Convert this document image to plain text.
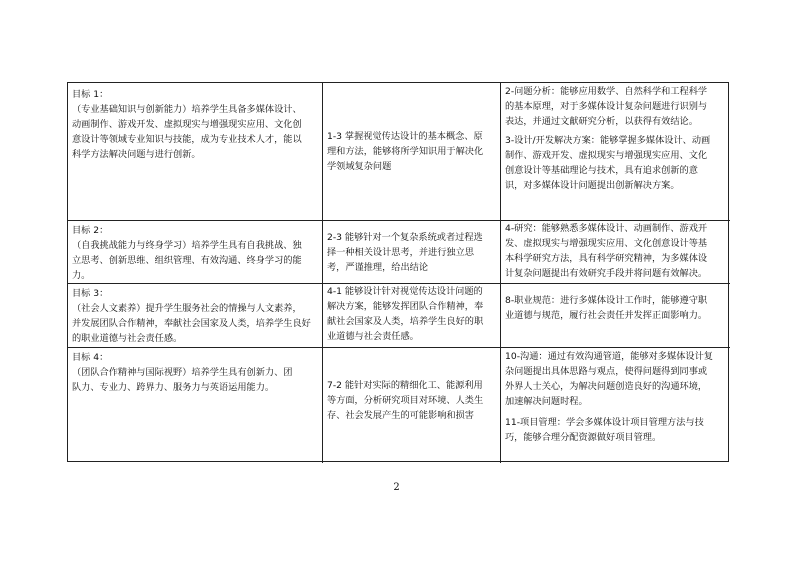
目标 1：
（专业基础知识与创新能力）培养学生具备多媒体设计、
动画制作、游戏开发、虚拟现实与增强现实应用、文化创
意设计等领域专业知识与技能，成为专业技术人才，能以
科学方法解决问题与进行创新。
1-3 掌握视觉传达设计的基本概念、原
理和方法，能够将所学知识用于解决化
学领域复杂问题
2-问题分析：能够应用数学、自然科学和工程科学
的基本原理，对于多媒体设计复杂问题进行识别与
表达，并通过文献研究分析，以获得有效结论。
3-设计/开发解决方案：能够掌握多媒体设计、动画
制作、游戏开发、虚拟现实与增强现实应用、文化
创意设计等基础理论与技术，具有追求创新的意
识，对多媒体设计问题提出创新解决方案。
目标 2：
（自我挑战能力与终身学习）培养学生具有自我挑战、独
立思考、创新思维、组织管理、有效沟通、终身学习的能
力。
2-3 能够针对一个复杂系统或者过程选
择一种相关设计思考，并进行独立思
考，严谨推理，给出结论
4-研究：能够熟悉多媒体设计、动画制作、游戏开
发、虚拟现实与增强现实应用、文化创意设计等基
本科学研究方法，具有科学研究精神，为多媒体设
计复杂问题提出有效研究手段并将问题有效解决。
目标 3：
（社会人文素养）提升学生服务社会的情操与人文素养，
并发展团队合作精神，奉献社会国家及人类，培养学生良好
的职业道德与社会责任感。
4-1 能够设计针对视觉传达设计问题的
解决方案，能够发挥团队合作精神，奉
献社会国家及人类，培养学生良好的职
业道德与社会责任感。
8-职业规范：进行多媒体设计工作时，能够遵守职
业道德与规范，履行社会责任并发挥正面影响力。
目标 4：
（团队合作精神与国际视野）培养学生具有创新力、团
队力、专业力、跨界力、服务力与英语运用能力。	7-2 能针对实际的精细化工、能源利用
等方面，分析研究项目对环境、人类生
存、社会发展产生的可能影响和损害
10-沟通：通过有效沟通管道，能够对多媒体设计复
杂问题提出具体思路与观点，使得问题得到同事或
外界人士关心，为解决问题创造良好的沟通环境，
加速解决问题时程。
11-项目管理：学会多媒体设计项目管理方法与技
巧，能够合理分配资源做好项目管理。
2
